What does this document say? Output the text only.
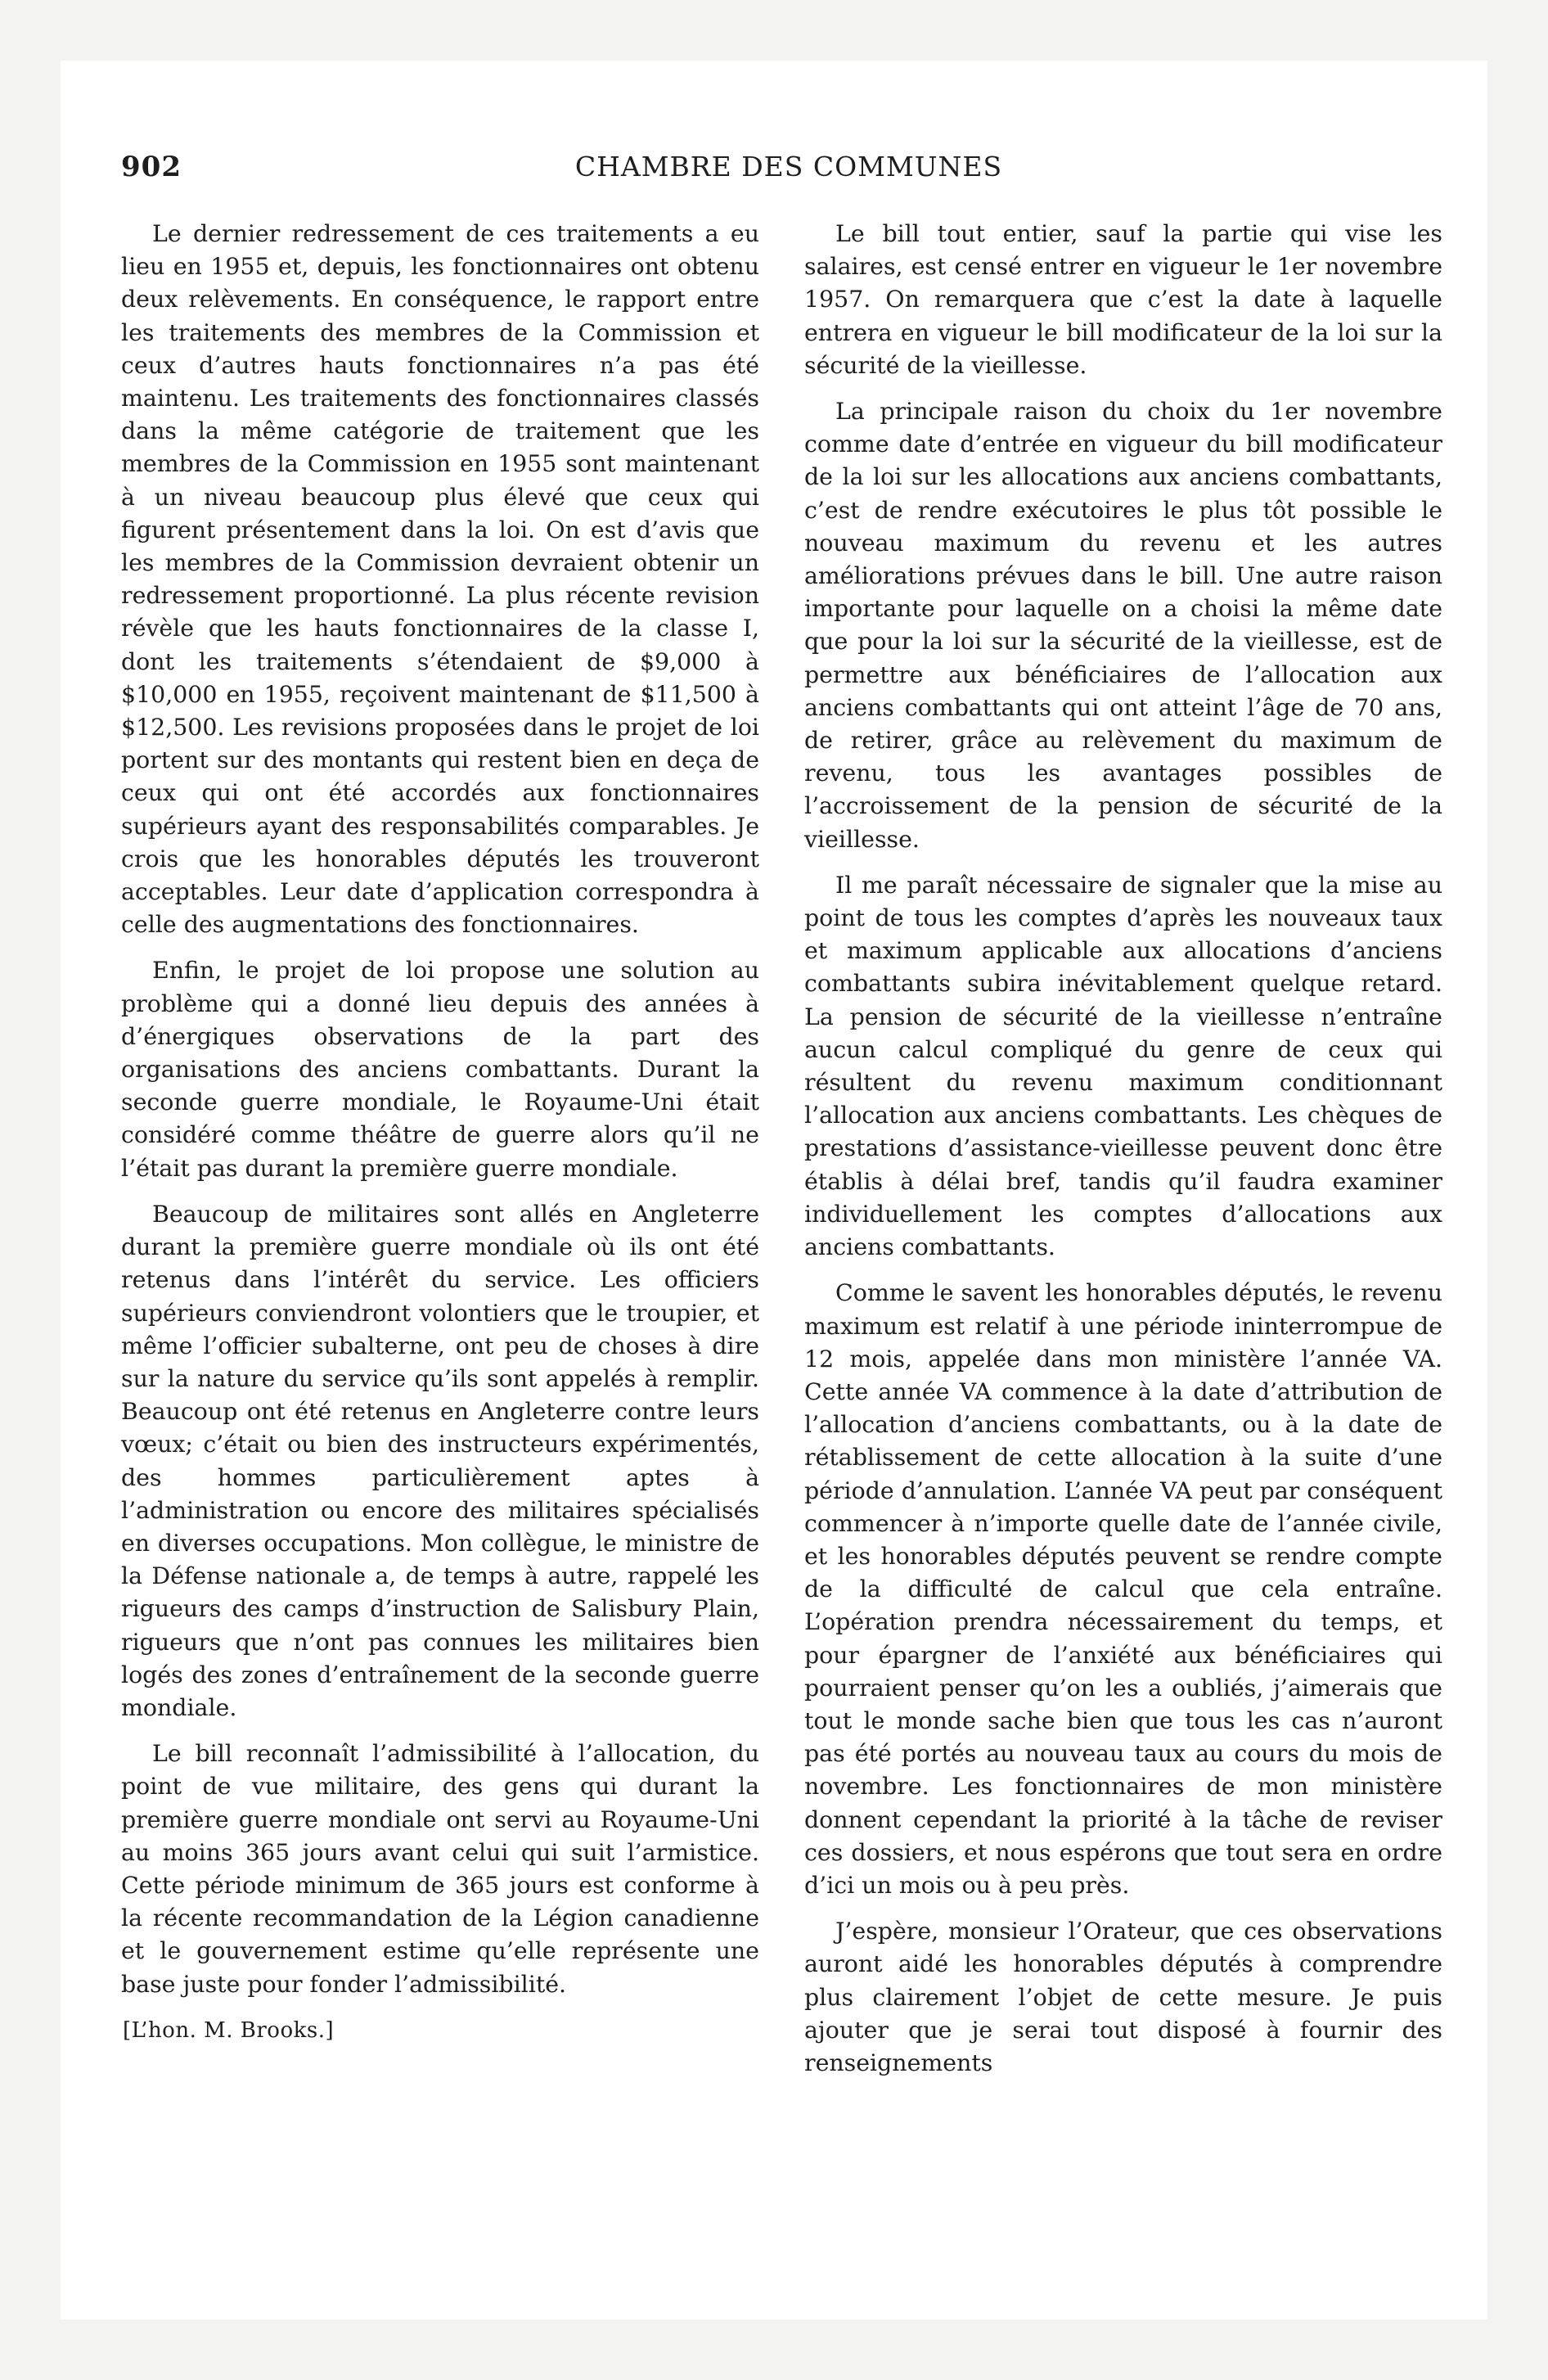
902	CHAMBRE DES COMMUNES

Le dernier redressement de ces traitements a eu lieu en 1955 et, depuis, les fonctionnaires ont obtenu deux relèvements. En conséquence, le rapport entre les traitements des membres de la Commission et ceux d’autres hauts fonctionnaires n’a pas été maintenu. Les traitements des fonctionnaires classés dans la même catégorie de traitement que les membres de la Commission en 1955 sont maintenant à un niveau beaucoup plus élevé que ceux qui figurent présentement dans la loi. On est d’avis que les membres de la Commission devraient obtenir un redressement proportionné. La plus récente revision révèle que les hauts fonctionnaires de la classe I, dont les traitements s’étendaient de $9,000 à $10,000 en 1955, reçoivent maintenant de $11,500 à $12,500. Les revisions proposées dans le projet de loi portent sur des montants qui restent bien en deça de ceux qui ont été accordés aux fonctionnaires supérieurs ayant des responsabilités comparables. Je crois que les honorables députés les trouveront acceptables. Leur date d’application correspondra à celle des augmentations des fonctionnaires.

Enfin, le projet de loi propose une solution au problème qui a donné lieu depuis des années à d’énergiques observations de la part des organisations des anciens combattants. Durant la seconde guerre mondiale, le Royaume-Uni était considéré comme théâtre de guerre alors qu’il ne l’était pas durant la première guerre mondiale.

Beaucoup de militaires sont allés en Angleterre durant la première guerre mondiale où ils ont été retenus dans l’intérêt du service. Les officiers supérieurs conviendront volontiers que le troupier, et même l’officier subalterne, ont peu de choses à dire sur la nature du service qu’ils sont appelés à remplir. Beaucoup ont été retenus en Angleterre contre leurs vœux; c’était ou bien des instructeurs expérimentés, des hommes particulièrement aptes à l’administration ou encore des militaires spécialisés en diverses occupations. Mon collègue, le ministre de la Défense nationale a, de temps à autre, rappelé les rigueurs des camps d’instruction de Salisbury Plain, rigueurs que n’ont pas connues les militaires bien logés des zones d’entraînement de la seconde guerre mondiale.

Le bill reconnaît l’admissibilité à l’allocation, du point de vue militaire, des gens qui durant la première guerre mondiale ont servi au Royaume-Uni au moins 365 jours avant celui qui suit l’armistice. Cette période minimum de 365 jours est conforme à la récente recommandation de la Légion canadienne et le gouvernement estime qu’elle représente une base juste pour fonder l’admissibilité.

[L’hon. M. Brooks.]

Le bill tout entier, sauf la partie qui vise les salaires, est censé entrer en vigueur le 1er novembre 1957. On remarquera que c’est la date à laquelle entrera en vigueur le bill modificateur de la loi sur la sécurité de la vieillesse.

La principale raison du choix du 1er novembre comme date d’entrée en vigueur du bill modificateur de la loi sur les allocations aux anciens combattants, c’est de rendre exécutoires le plus tôt possible le nouveau maximum du revenu et les autres améliorations prévues dans le bill. Une autre raison importante pour laquelle on a choisi la même date que pour la loi sur la sécurité de la vieillesse, est de permettre aux bénéficiaires de l’allocation aux anciens combattants qui ont atteint l’âge de 70 ans, de retirer, grâce au relèvement du maximum de revenu, tous les avantages possibles de l’accroissement de la pension de sécurité de la vieillesse.

Il me paraît nécessaire de signaler que la mise au point de tous les comptes d’après les nouveaux taux et maximum applicable aux allocations d’anciens combattants subira inévitablement quelque retard. La pension de sécurité de la vieillesse n’entraîne aucun calcul compliqué du genre de ceux qui résultent du revenu maximum conditionnant l’allocation aux anciens combattants. Les chèques de prestations d’assistance-vieillesse peuvent donc être établis à délai bref, tandis qu’il faudra examiner individuellement les comptes d’allocations aux anciens combattants.

Comme le savent les honorables députés, le revenu maximum est relatif à une période ininterrompue de 12 mois, appelée dans mon ministère l’année VA. Cette année VA commence à la date d’attribution de l’allocation d’anciens combattants, ou à la date de rétablissement de cette allocation à la suite d’une période d’annulation. L’année VA peut par conséquent commencer à n’importe quelle date de l’année civile, et les honorables députés peuvent se rendre compte de la difficulté de calcul que cela entraîne. L’opération prendra nécessairement du temps, et pour épargner de l’anxiété aux bénéficiaires qui pourraient penser qu’on les a oubliés, j’aimerais que tout le monde sache bien que tous les cas n’auront pas été portés au nouveau taux au cours du mois de novembre. Les fonctionnaires de mon ministère donnent cependant la priorité à la tâche de reviser ces dossiers, et nous espérons que tout sera en ordre d’ici un mois ou à peu près.

J’espère, monsieur l’Orateur, que ces observations auront aidé les honorables députés à comprendre plus clairement l’objet de cette mesure. Je puis ajouter que je serai tout disposé à fournir des renseignements
